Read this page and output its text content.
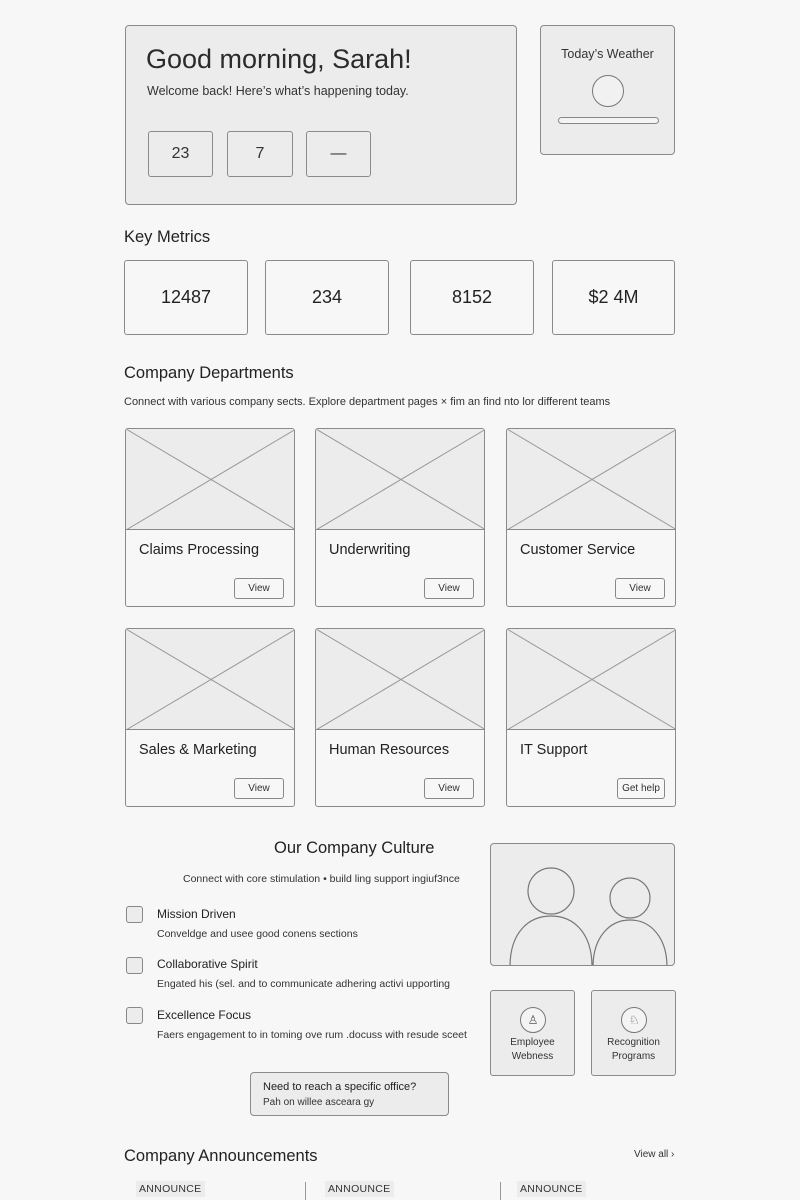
Good morning, Sarah!
Welcome back! Here’s what’s happening today.
23	7	—
Today’s Weather
Key Metrics
12487	234	8152	$2 4M
Company Departments
Connect with various company sects. Explore department pages × fim an find nto lor different teams
Claims Processing
View
Underwriting
View
Customer Service
View
Sales & Marketing
View
Human Resources
View
IT Support
Get help
Our Company Culture
Connect with core stimulation • build ling support ingiuf3nce
Mission Driven
Conveldge and usee good conens sections
Collaborative Spirit
Engated his (sel. and to communicate adhering activi upporting
Excellence Focus
Faers engagement to in toming ove rum .docuss with resude sceet
♙
Employee
Webness
♘
Recognition
Programs
Need to reach a specific office?
Pah on willee asceara gy
Company Announcements	View all ›
ANNOUNCE	ANNOUNCE	ANNOUNCE
